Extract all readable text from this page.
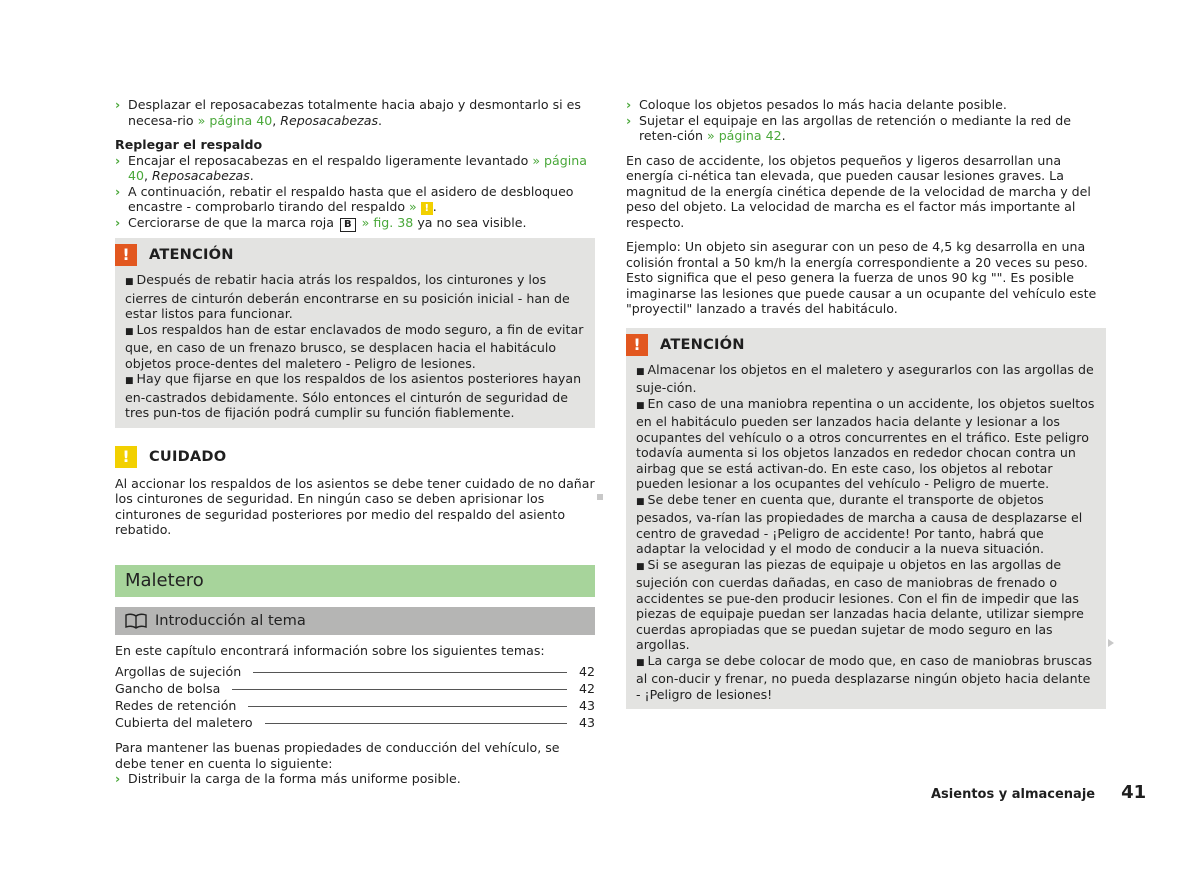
› Desplazar el reposacabezas totalmente hacia abajo y desmontarlo si es necesa-rio » página 40, Reposacabezas.

Replegar el respaldo

› Encajar el reposacabezas en el respaldo ligeramente levantado » página 40, Reposacabezas.

› A continuación, rebatir el respaldo hasta que el asidero de desbloqueo encastre - comprobarlo tirando del respaldo » ! .

› Cerciorarse de que la marca roja B » fig. 38 ya no sea visible.

!	ATENCIÓN

■ Después de rebatir hacia atrás los respaldos, los cinturones y los cierres de cinturón deberán encontrarse en su posición inicial - han de estar listos para funcionar.

■ Los respaldos han de estar enclavados de modo seguro, a fin de evitar que, en caso de un frenazo brusco, se desplacen hacia el habitáculo objetos proce-dentes del maletero - Peligro de lesiones.

■ Hay que fijarse en que los respaldos de los asientos posteriores hayan en-castrados debidamente. Sólo entonces el cinturón de seguridad de tres pun-tos de fijación podrá cumplir su función fiablemente.

!	CUIDADO

Al accionar los respaldos de los asientos se debe tener cuidado de no dañar los cinturones de seguridad. En ningún caso se deben aprisionar los cinturones de seguridad posteriores por medio del respaldo del asiento rebatido.

Maletero
Introducción al tema

En este capítulo encontrará información sobre los siguientes temas:

Argollas de sujeción	42
Gancho de bolsa	42
Redes de retención	43
Cubierta del maletero	43

Para mantener las buenas propiedades de conducción del vehículo, se debe tener en cuenta lo siguiente:

› Distribuir la carga de la forma más uniforme posible.

› Coloque los objetos pesados lo más hacia delante posible.

› Sujetar el equipaje en las argollas de retención o mediante la red de reten-ción » página 42.

En caso de accidente, los objetos pequeños y ligeros desarrollan una energía ci-nética tan elevada, que pueden causar lesiones graves. La magnitud de la energía cinética depende de la velocidad de marcha y del peso del objeto. La velocidad de marcha es el factor más importante al respecto.

Ejemplo: Un objeto sin asegurar con un peso de 4,5 kg desarrolla en una colisión frontal a 50 km/h la energía correspondiente a 20 veces su peso. Esto significa que el peso genera la fuerza de unos 90 kg "". Es posible imaginarse las lesiones que puede causar a un ocupante del vehículo este "proyectil" lanzado a través del habitáculo.

!	ATENCIÓN

■ Almacenar los objetos en el maletero y asegurarlos con las argollas de suje-ción.

■ En caso de una maniobra repentina o un accidente, los objetos sueltos en el habitáculo pueden ser lanzados hacia delante y lesionar a los ocupantes del vehículo o a otros concurrentes en el tráfico. Este peligro todavía aumenta si los objetos lanzados en rededor chocan contra un airbag que se está activan-do. En este caso, los objetos al rebotar pueden lesionar a los ocupantes del vehículo - Peligro de muerte.

■ Se debe tener en cuenta que, durante el transporte de objetos pesados, va-rían las propiedades de marcha a causa de desplazarse el centro de gravedad - ¡Peligro de accidente! Por tanto, habrá que adaptar la velocidad y el modo de conducir a la nueva situación.

■ Si se aseguran las piezas de equipaje u objetos en las argollas de sujeción con cuerdas dañadas, en caso de maniobras de frenado o accidentes se pue-den producir lesiones. Con el fin de impedir que las piezas de equipaje puedan ser lanzadas hacia delante, utilizar siempre cuerdas apropiadas que se puedan sujetar de modo seguro en las argollas.

■ La carga se debe colocar de modo que, en caso de maniobras bruscas al con-ducir y frenar, no pueda desplazarse ningún objeto hacia delante - ¡Peligro de lesiones!

Asientos y almacenaje 41
